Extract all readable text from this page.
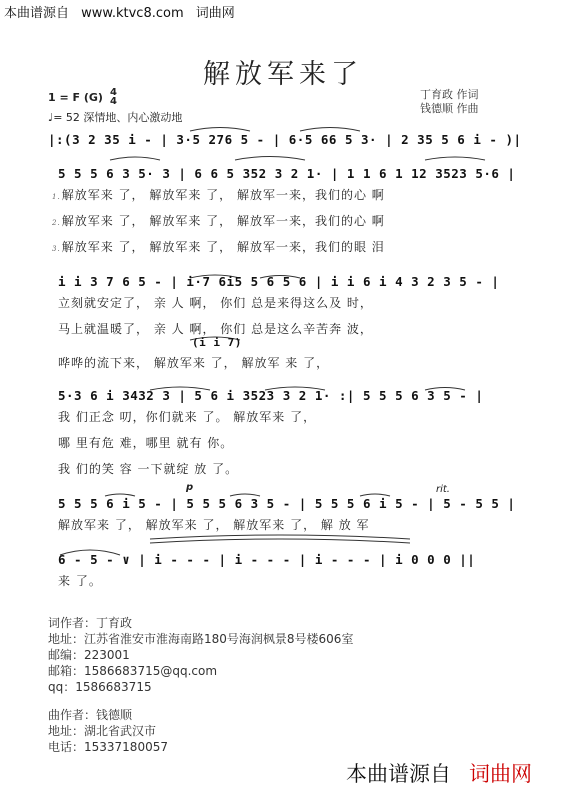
本曲谱源自 www.ktvc8.com 词曲网
解放军来了
丁育政 作词
钱德顺 作曲
1 = F (G) 4
4
♩= 52 深情地、内心激动地
|:(3 2 35 i - | 3·5 276 5 - | 6·5 66 5 3· | 2 35 5 6 i - )|
5 5 5 6 3 5· 3 | 6 6 5 352 3 2 1· | 1 1 6 1 12 3523 5·6 |
1.解放军来 了， 解放军来 了， 解放军一来，我们的心 啊
2.解放军来 了， 解放军来 了， 解放军一来，我们的心 啊
3.解放军来 了， 解放军来 了， 解放军一来，我们的眼 泪
i i 3 7 6 5 - | i·7 6i5 5 6 5 6 | i i 6 i 4 3 2 3 5 - |
立刻就安定了， 亲 人 啊， 你们 总是来得这么及 时，
马上就温暖了， 亲 人 啊， 你们 总是这么辛苦奔 波，
(i i 7)
哗哗的流下来， 解放军来 了， 解放军 来 了，
5·3 6 i 3432 3 | 5 6 i 3523 3 2 1· :| 5 5 5 6 3 5 - |
我 们正念 叨，你们就来 了。 解放军来 了，
哪 里有危 难，哪里 就有 你。
我 们的笑 容 一下就绽 放 了。
p	rit.
5 5 5 6 i 5 - | 5 5 5 6 3 5 - | 5 5 5 6 i 5 - | 5 - 5 5 |
解放军来 了， 解放军来 了， 解放军来 了， 解 放 军
6 - 5 - ∨ | i - - - | i - - - | i - - - | i 0 0 0 ||
来 了。
词作者：丁育政
地址：江苏省淮安市淮海南路180号海润枫景8号楼606室
邮编：223001
邮箱：1586683715@qq.com
qq：1586683715
曲作者：钱德顺
地址：湖北省武汉市
电话：15337180057
本曲谱源自 词曲网
